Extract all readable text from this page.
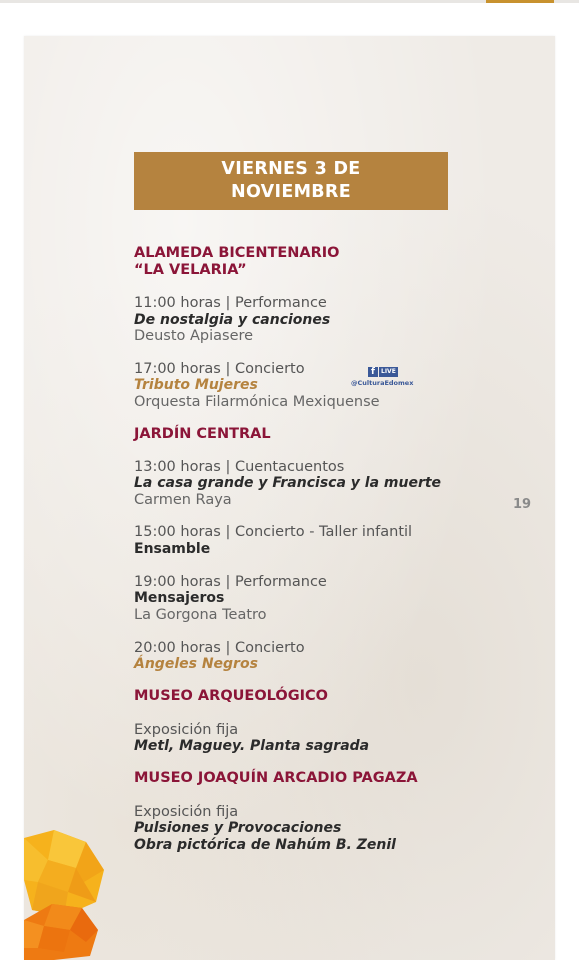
VIERNES 3 DE
NOVIEMBRE
ALAMEDA BICENTENARIO
“LA VELARIA”
11:00 horas | Performance
De nostalgia y canciones
Deusto Apiasere
17:00 horas | Concierto
Tributo Mujeres
Orquesta Filarmónica Mexiquense
f	LIVE
@CulturaEdomex
JARDÍN CENTRAL
13:00 horas | Cuentacuentos
La casa grande y Francisca y la muerte
Carmen Raya
15:00 horas | Concierto - Taller infantil
Ensamble
19:00 horas | Performance
Mensajeros
La Gorgona Teatro
20:00 horas | Concierto
Ángeles Negros
MUSEO ARQUEOLÓGICO
Exposición fija
Metl, Maguey. Planta sagrada
MUSEO JOAQUÍN ARCADIO PAGAZA
Exposición fija
Pulsiones y Provocaciones
Obra pictórica de Nahúm B. Zenil
19
